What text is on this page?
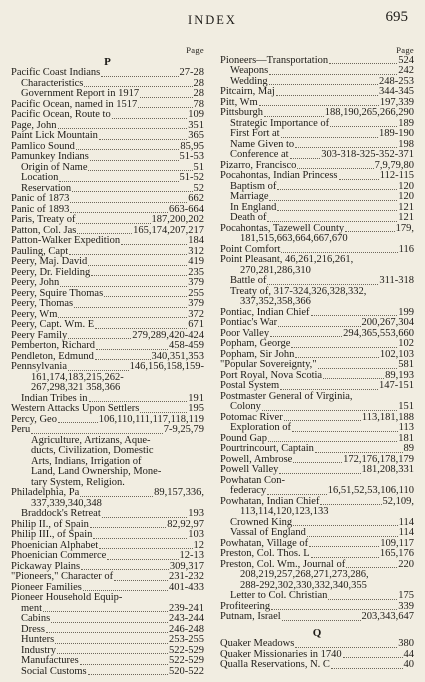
INDEX	695
Page
P
Pacific Coast Indians	27-28
Characteristics	28
Government Report in 1917	28
Pacific Ocean, named in 1517	78
Pacific Ocean, Route to	109
Page, John	351
Paint Lick Mountain	365
Pamlico Sound	85,95
Pamunkey Indians	51-53
Origin of Name	51
Location	51-52
Reservation	52
Panic of 1873	662
Panic of 1893	663-664
Paris, Treaty of	187,200,202
Patton, Col. Jas	165,174,207,217
Patton-Walker Expedition	184
Pauling, Capt	312
Peery, Maj. David	419
Peery, Dr. Fielding	235
Peery, John	379
Peery, Squire Thomas	255
Peery, Thomas	379
Peery, Wm	372
Peery, Capt. Wm. E	671
Peery Family	279,289,420-424
Pemberton, Richard	458-459
Pendleton, Edmund	340,351,353
Pennsylvania	146,156,158,159-
161,174,183,215,262-
267,298,321 358,366
Indian Tribes in	191
Western Attacks Upon Settlers	195
Percy, Geo	106,110,111,117,118,119
Peru	7-9,25,79
Agriculture, Artizans, Aque-
ducts, Civilization, Domestic
Arts, Indians, Irrigation of
Land, Land Ownership, Mone-
tary System, Religion.
Philadelphia, Pa	89,157,336,
337,339,340,348
Braddock's Retreat	193
Philip II., of Spain	82,92,97
Philip III., of Spain	103
Phoenician Alphabet	12
Phoenician Commerce	12-13
Pickaway Plains	309,317
"Pioneers," Character of	231-232
Pioneer Families	401-433
Pioneer Household Equip-
ment	239-241
Cabins	243-244
Dress	246-248
Hunters	253-255
Industry	522-529
Manufactures	522-529
Social Customs	520-522
Page
Pioneers—Transportation	524
Weapons	242
Wedding	248-253
Pitcairn, Maj	344-345
Pitt, Wm	197,339
Pittsburgh	188,190,265,266,290
Strategic Importance of	189
First Fort at	189-190
Name Given to	198
Conference at	303-318-325-352-371
Pizarro, Francisco	7,9,79,80
Pocahontas, Indian Princess	112-115
Baptism of	120
Marriage	120
In England	121
Death of	121
Pocahontas, Tazewell County	179,
181,515,663,664,667,670
Point Comfort	116
Point Pleasant, 46,261,216,261,
270,281,286,310
Battle of	311-318
Treaty of, 317-324,326,328,332,
337,352,358,366
Pontiac, Indian Chief	199
Pontiac's War	200,267,304
Poor Valley	294,365,553,660
Popham, George	102
Popham, Sir John	102,103
"Popular Sovereignty,"	581
Port Royal, Nova Scotia	89,193
Postal System	147-151
Postmaster General of Virginia,
Colony	151
Potomac River	113,181,188
Exploration of	113
Pound Gap	181
Pourtrincourt, Captain	89
Powell, Ambrose	172,176,178,179
Powell Valley	181,208,331
Powhatan Con-
federacy	16,51,52,53,106,110
Powhatan, Indian Chief	52,109,
113,114,120,123,133
Crowned King	114
Vassal of England	114
Powhatan, Village of	109,117
Preston, Col. Thos. L	165,176
Preston, Col. Wm., Journal of	220
208,219,257,268,271,273,286,
288-292,302,330,332,340,355
Letter to Col. Christian	175
Profiteering	339
Putnam, Israel	203,343,647
Q
Quaker Meadows	380
Quaker Missionaries in 1740	44
Qualla Reservations, N. C	40
